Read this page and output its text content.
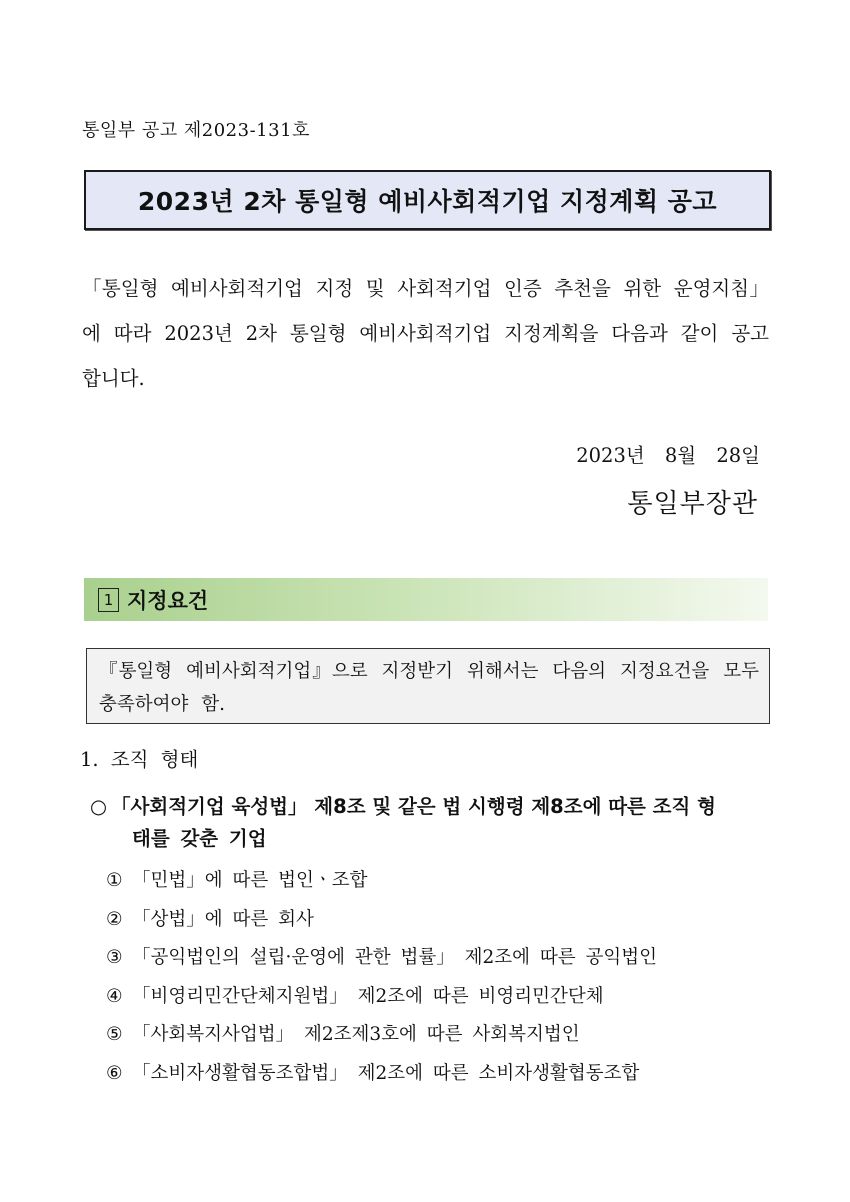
통일부 공고 제2023-131호
2023년 2차 통일형 예비사회적기업 지정계획 공고
「통일형 예비사회적기업 지정 및 사회적기업 인증 추천을 위한 운영지침」에 따라 2023년 2차 통일형 예비사회적기업 지정계획을 다음과 같이 공고합니다.
2023년 8월 28일
통일부장관
1 지정요건
『통일형 예비사회적기업』으로 지정받기 위해서는 다음의 지정요건을 모두 충족하여야 함.
1. 조직 형태
○ 「사회적기업 육성법」 제8조 및 같은 법 시행령 제8조에 따른 조직 형
태를 갖춘 기업
① 「민법」에 따른 법인ㆍ조합
② 「상법」에 따른 회사
③ 「공익법인의 설립·운영에 관한 법률」 제2조에 따른 공익법인
④ 「비영리민간단체지원법」 제2조에 따른 비영리민간단체
⑤ 「사회복지사업법」 제2조제3호에 따른 사회복지법인
⑥ 「소비자생활협동조합법」 제2조에 따른 소비자생활협동조합
